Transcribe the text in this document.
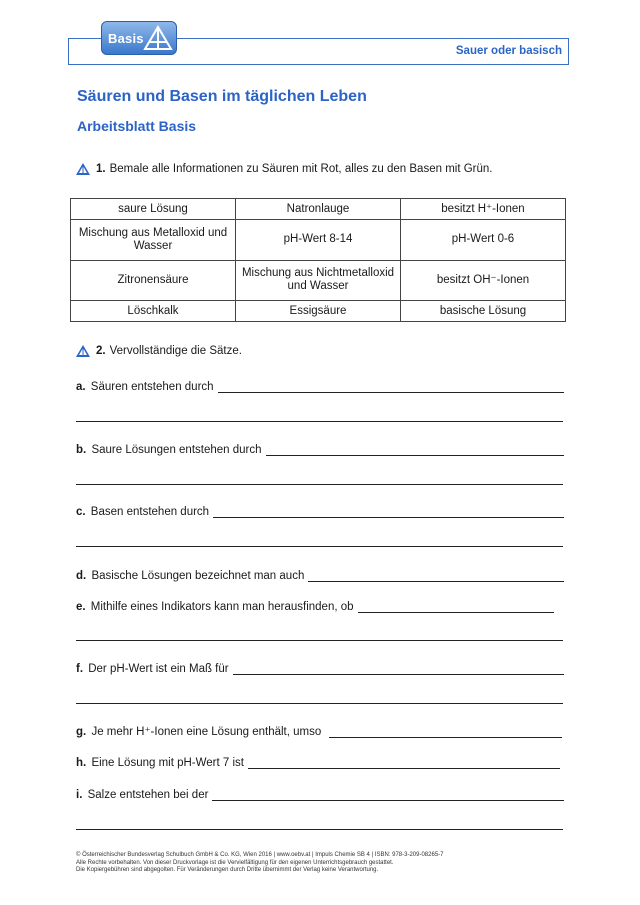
Sauer oder basisch
Basis
Säuren und Basen im täglichen Leben
Arbeitsblatt Basis
1. Bemale alle Informationen zu Säuren mit Rot, alles zu den Basen mit Grün.
saure Lösung	Natronlauge	besitzt H⁺-Ionen
Mischung aus Metalloxid und Wasser	pH-Wert 8-14	pH-Wert 0-6
Zitronensäure	Mischung aus Nichtmetalloxid und Wasser	besitzt OH⁻-Ionen
Löschkalk	Essigsäure	basische Lösung
2. Vervollständige die Sätze.
a. Säuren entstehen durch
b. Saure Lösungen entstehen durch
c. Basen entstehen durch
d. Basische Lösungen bezeichnet man auch
e. Mithilfe eines Indikators kann man herausfinden, ob
f. Der pH-Wert ist ein Maß für
g. Je mehr H⁺-Ionen eine Lösung enthält, umso
h. Eine Lösung mit pH-Wert 7 ist
i. Salze entstehen bei der
© Österreichischer Bundesverlag Schulbuch GmbH & Co. KG, Wien 2016 | www.oebv.at | Impuls Chemie SB 4 | ISBN: 978-3-209-08265-7
Alle Rechte vorbehalten. Von dieser Druckvorlage ist die Vervielfältigung für den eigenen Unterrichtsgebrauch gestattet.
Die Kopiergebühren sind abgegolten. Für Veränderungen durch Dritte übernimmt der Verlag keine Verantwortung.
